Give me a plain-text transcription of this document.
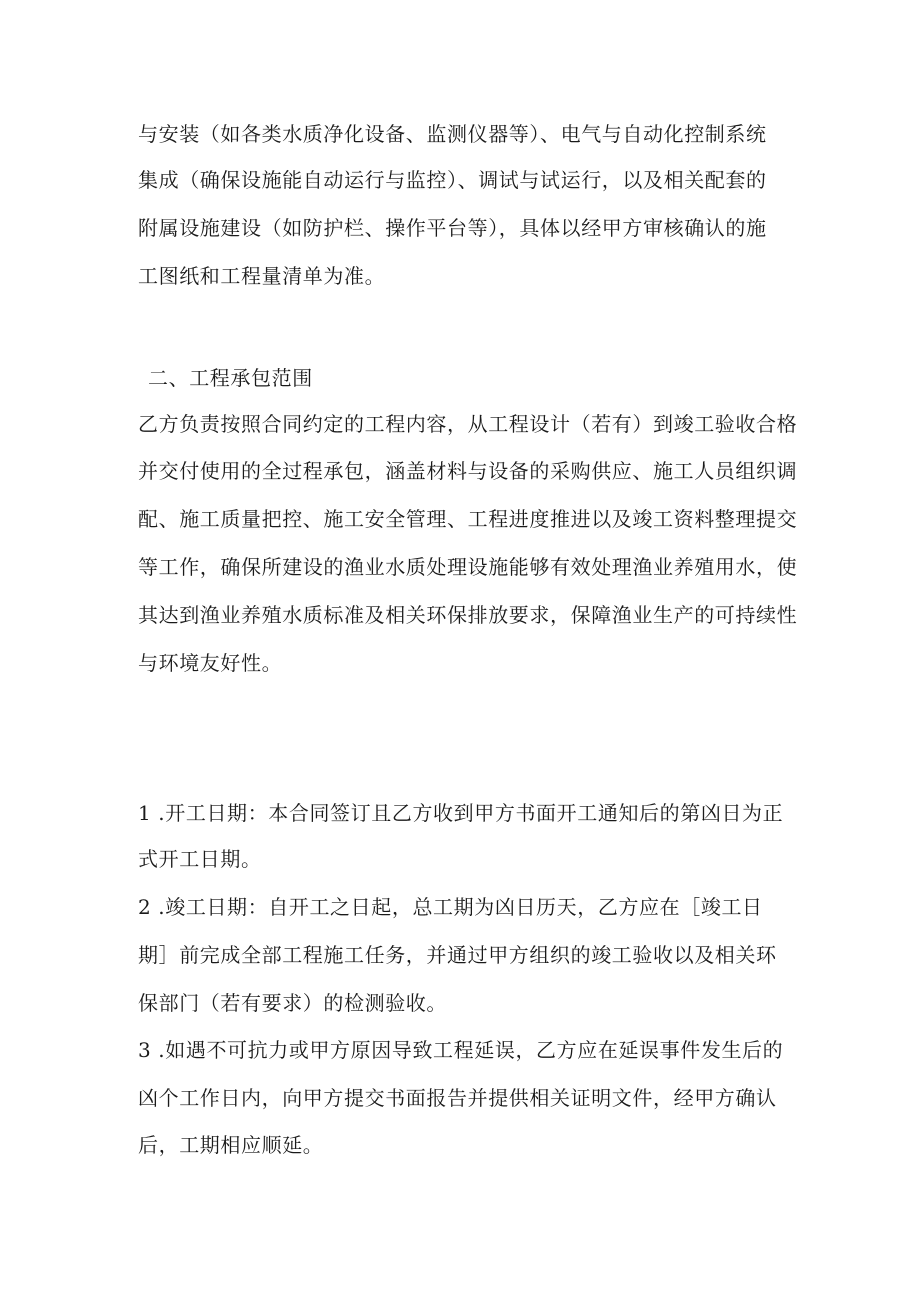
与安装（如各类水质净化设备、监测仪器等）、电气与自动化控制系统
集成（确保设施能自动运行与监控）、调试与试运行，以及相关配套的
附属设施建设（如防护栏、操作平台等），具体以经甲方审核确认的施
工图纸和工程量清单为准。
二、工程承包范围
乙方负责按照合同约定的工程内容，从工程设计（若有）到竣工验收合格
并交付使用的全过程承包，涵盖材料与设备的采购供应、施工人员组织调
配、施工质量把控、施工安全管理、工程进度推进以及竣工资料整理提交
等工作，确保所建设的渔业水质处理设施能够有效处理渔业养殖用水，使
其达到渔业养殖水质标准及相关环保排放要求，保障渔业生产的可持续性
与环境友好性。
1 .开工日期：本合同签订且乙方收到甲方书面开工通知后的第凶日为正
式开工日期。
2 .竣工日期：自开工之日起，总工期为凶日历天，乙方应在［竣工日
期］前完成全部工程施工任务，并通过甲方组织的竣工验收以及相关环
保部门（若有要求）的检测验收。
3 .如遇不可抗力或甲方原因导致工程延误，乙方应在延误事件发生后的
凶个工作日内，向甲方提交书面报告并提供相关证明文件，经甲方确认
后，工期相应顺延。
